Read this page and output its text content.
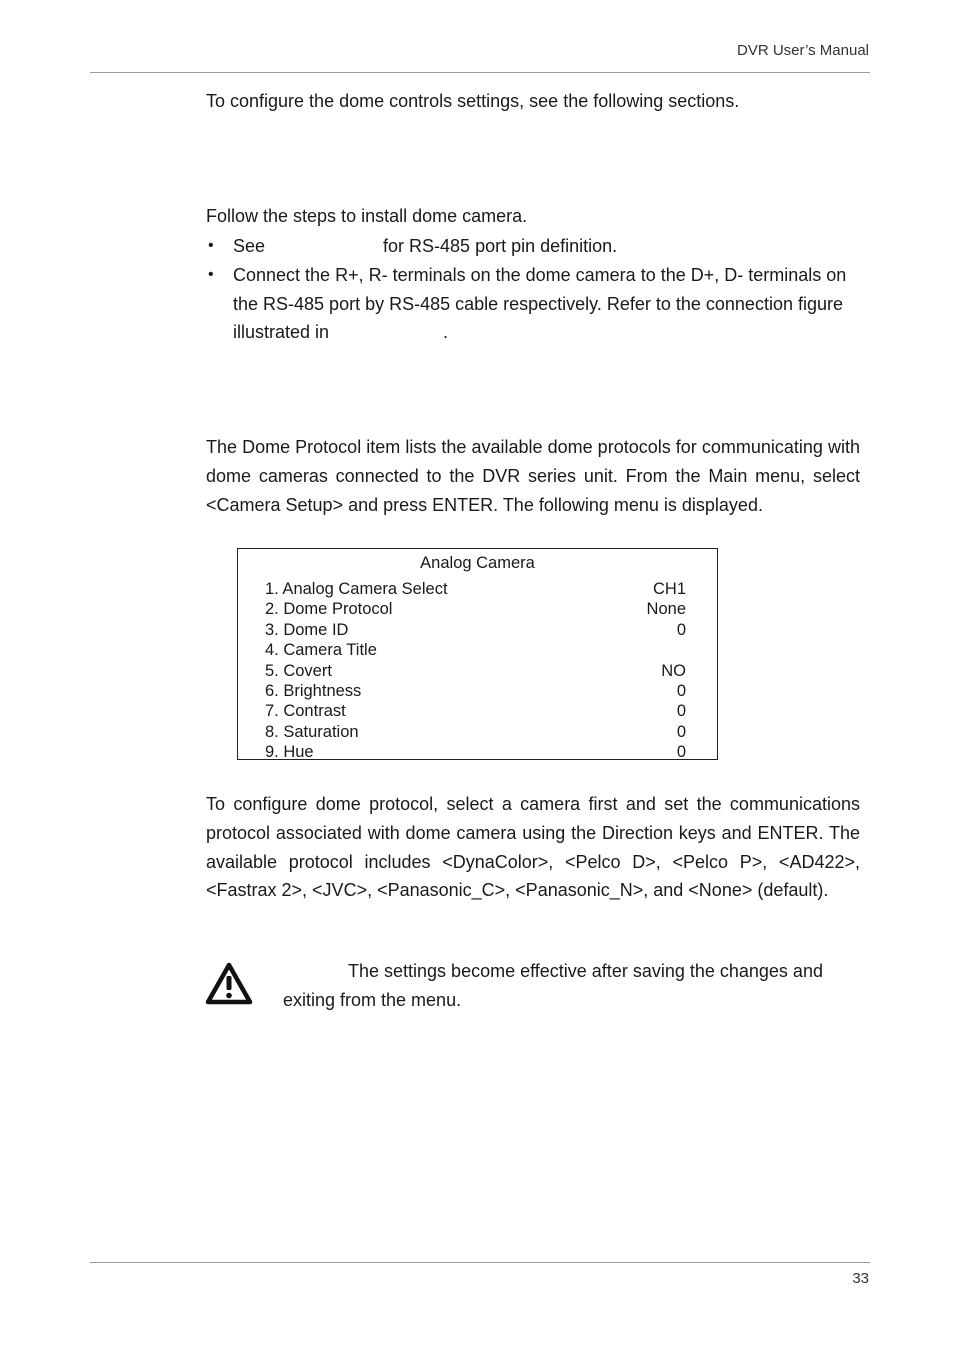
DVR User’s Manual

To configure the dome controls settings, see the following sections.

Follow the steps to install dome camera.

• See	for RS-485 port pin definition.
• Connect the R+, R- terminals on the dome camera to the D+, D- terminals on the RS-485 port by RS-485 cable respectively. Refer to the connection figure illustrated in	.

The Dome Protocol item lists the available dome protocols for communicating with dome cameras connected to the DVR series unit. From the Main menu, select <Camera Setup> and press ENTER. The following menu is displayed.

Analog Camera
1. Analog Camera Select	CH1
2. Dome Protocol	None
3. Dome ID	0
4. Camera Title
5. Covert	NO
6. Brightness	0
7. Contrast	0
8. Saturation	0
9. Hue	0

To configure dome protocol, select a camera first and set the communications protocol associated with dome camera using the Direction keys and ENTER. The available protocol includes <DynaColor>, <Pelco D>, <Pelco P>, <AD422>, <Fastrax 2>, <JVC>, <Panasonic_C>, <Panasonic_N>, and <None> (default).

The settings become effective after saving the changes and exiting from the menu.

33
